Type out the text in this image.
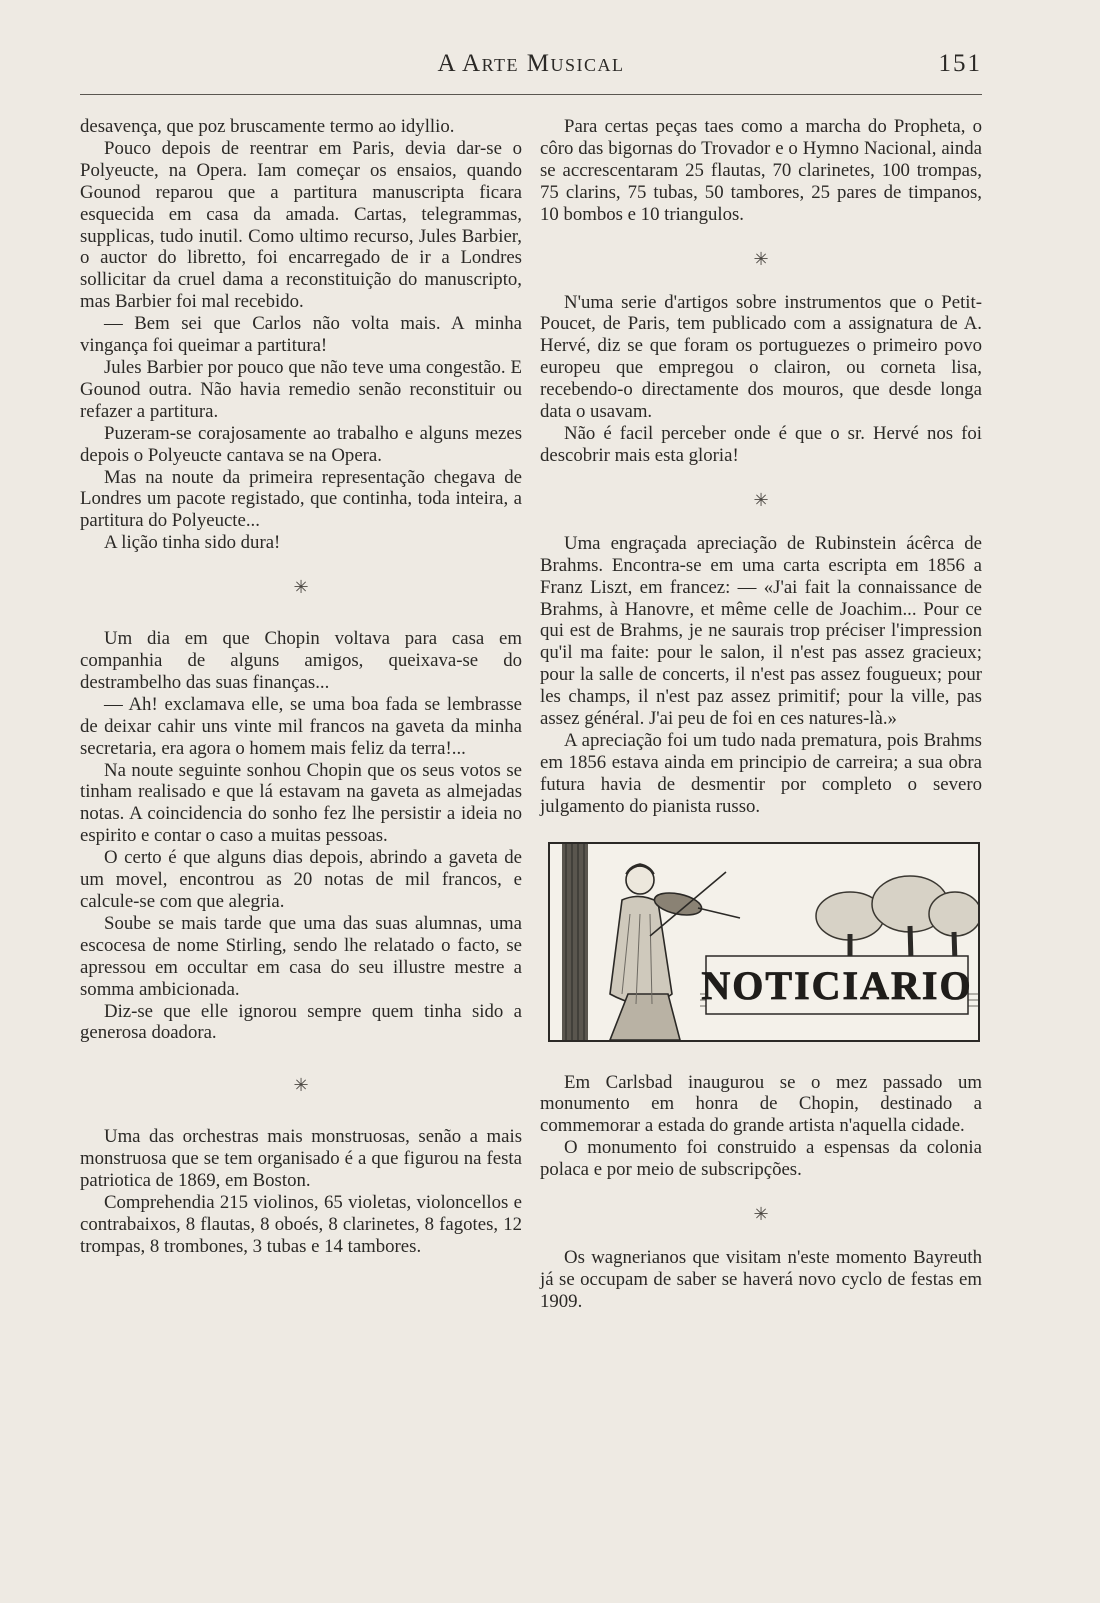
A Arte Musical	151

desavença, que poz bruscamente termo ao idyllio.

Pouco depois de reentrar em Paris, devia dar-se o Polyeucte, na Opera. Iam começar os ensaios, quando Gounod reparou que a partitura manuscripta ficara esquecida em casa da amada. Cartas, telegrammas, supplicas, tudo inutil. Como ultimo recurso, Jules Barbier, o auctor do libretto, foi encarregado de ir a Londres sollicitar da cruel dama a reconstituição do manuscripto, mas Barbier foi mal recebido.

— Bem sei que Carlos não volta mais. A minha vingança foi queimar a partitura!

Jules Barbier por pouco que não teve uma congestão. E Gounod outra. Não havia remedio senão reconstituir ou refazer a partitura.

Puzeram-se corajosamente ao trabalho e alguns mezes depois o Polyeucte cantava se na Opera.

Mas na noute da primeira representação chegava de Londres um pacote registado, que continha, toda inteira, a partitura do Polyeucte...

A lição tinha sido dura!

✳

Um dia em que Chopin voltava para casa em companhia de alguns amigos, queixava-se do destrambelho das suas finanças...

— Ah! exclamava elle, se uma boa fada se lembrasse de deixar cahir uns vinte mil francos na gaveta da minha secretaria, era agora o homem mais feliz da terra!...

Na noute seguinte sonhou Chopin que os seus votos se tinham realisado e que lá estavam na gaveta as almejadas notas. A coincidencia do sonho fez lhe persistir a ideia no espirito e contar o caso a muitas pessoas.

O certo é que alguns dias depois, abrindo a gaveta de um movel, encontrou as 20 notas de mil francos, e calcule-se com que alegria.

Soube se mais tarde que uma das suas alumnas, uma escocesa de nome Stirling, sendo lhe relatado o facto, se apressou em occultar em casa do seu illustre mestre a somma ambicionada.

Diz-se que elle ignorou sempre quem tinha sido a generosa doadora.

✳

Uma das orchestras mais monstruosas, senão a mais monstruosa que se tem organisado é a que figurou na festa patriotica de 1869, em Boston.

Comprehendia 215 violinos, 65 violetas, violoncellos e contrabaixos, 8 flautas, 8 oboés, 8 clarinetes, 8 fagotes, 12 trompas, 8 trombones, 3 tubas e 14 tambores.

Para certas peças taes como a marcha do Propheta, o côro das bigornas do Trovador e o Hymno Nacional, ainda se accrescentaram 25 flautas, 70 clarinetes, 100 trompas, 75 clarins, 75 tubas, 50 tambores, 25 pares de timpanos, 10 bombos e 10 triangulos.

✳

N'uma serie d'artigos sobre instrumentos que o Petit-Poucet, de Paris, tem publicado com a assignatura de A. Hervé, diz se que foram os portuguezes o primeiro povo europeu que empregou o clairon, ou corneta lisa, recebendo-o directamente dos mouros, que desde longa data o usavam.

Não é facil perceber onde é que o sr. Hervé nos foi descobrir mais esta gloria!

✳

Uma engraçada apreciação de Rubinstein ácêrca de Brahms. Encontra-se em uma carta escripta em 1856 a Franz Liszt, em francez: — «J'ai fait la connaissance de Brahms, à Hanovre, et même celle de Joachim... Pour ce qui est de Brahms, je ne saurais trop préciser l'impression qu'il ma faite: pour le salon, il n'est pas assez gracieux; pour la salle de concerts, il n'est pas assez fougueux; pour les champs, il n'est paz assez primitif; pour la ville, pas assez général. J'ai peu de foi en ces natures-là.»

A apreciação foi um tudo nada prematura, pois Brahms em 1856 estava ainda em principio de carreira; a sua obra futura havia de desmentir por completo o severo julgamento do pianista russo.

NOTICIARIO

Em Carlsbad inaugurou se o mez passado um monumento em honra de Chopin, destinado a commemorar a estada do grande artista n'aquella cidade.

O monumento foi construido a espensas da colonia polaca e por meio de subscripções.

✳

Os wagnerianos que visitam n'este momento Bayreuth já se occupam de saber se haverá novo cyclo de festas em 1909.
